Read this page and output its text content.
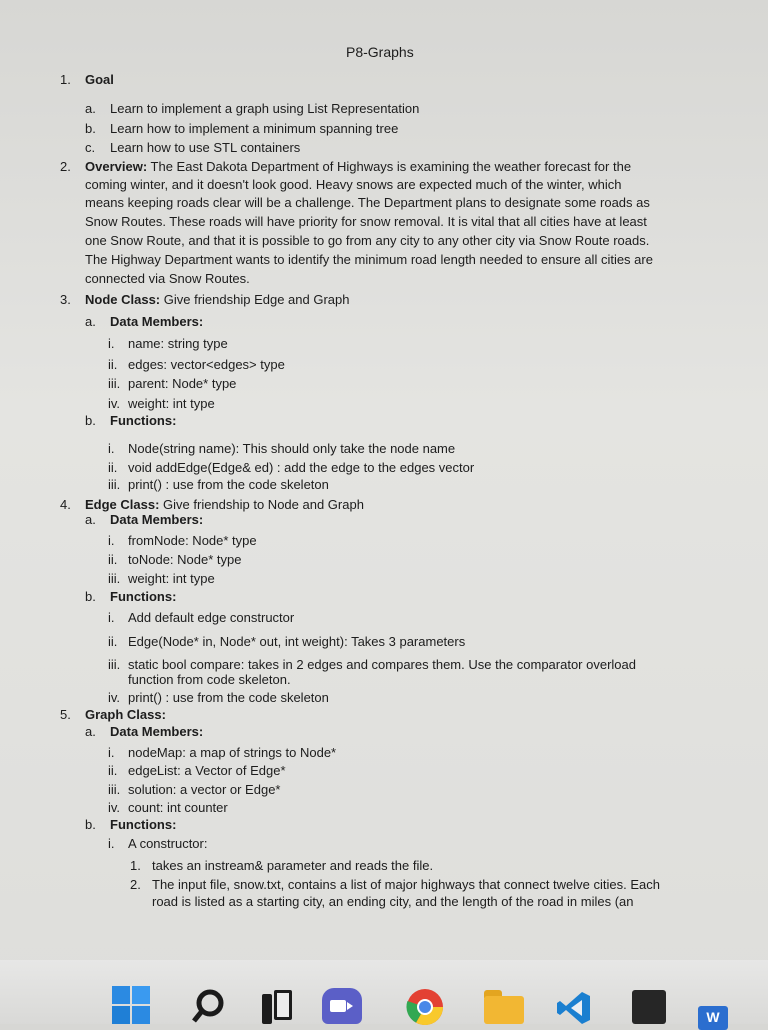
P8-Graphs
1. Goal
a. Learn to implement a graph using List Representation
b. Learn how to implement a minimum spanning tree
c. Learn how to use STL containers
2. Overview: The East Dakota Department of Highways is examining the weather forecast for the
coming winter, and it doesn't look good. Heavy snows are expected much of the winter, which
means keeping roads clear will be a challenge. The Department plans to designate some roads as
Snow Routes. These roads will have priority for snow removal. It is vital that all cities have at least
one Snow Route, and that it is possible to go from any city to any other city via Snow Route roads.
The Highway Department wants to identify the minimum road length needed to ensure all cities are
connected via Snow Routes.
3. Node Class: Give friendship Edge and Graph
a. Data Members:
i. name: string type
ii. edges: vector<edges> type
iii. parent: Node* type
iv. weight: int type
b. Functions:
i. Node(string name): This should only take the node name
ii. void addEdge(Edge& ed) : add the edge to the edges vector
iii. print() : use from the code skeleton
4. Edge Class: Give friendship to Node and Graph
a. Data Members:
i. fromNode: Node* type
ii. toNode: Node* type
iii. weight: int type
b. Functions:
i. Add default edge constructor
ii. Edge(Node* in, Node* out, int weight): Takes 3 parameters
iii. static bool compare: takes in 2 edges and compares them. Use the comparator overload
function from code skeleton.
iv. print() : use from the code skeleton
5. Graph Class:
a. Data Members:
i. nodeMap: a map of strings to Node*
ii. edgeList: a Vector of Edge*
iii. solution: a vector or Edge*
iv. count: int counter
b. Functions:
i. A constructor:
1. takes an instream& parameter and reads the file.
2. The input file, snow.txt, contains a list of major highways that connect twelve cities. Each
road is listed as a starting city, an ending city, and the length of the road in miles (an
W
